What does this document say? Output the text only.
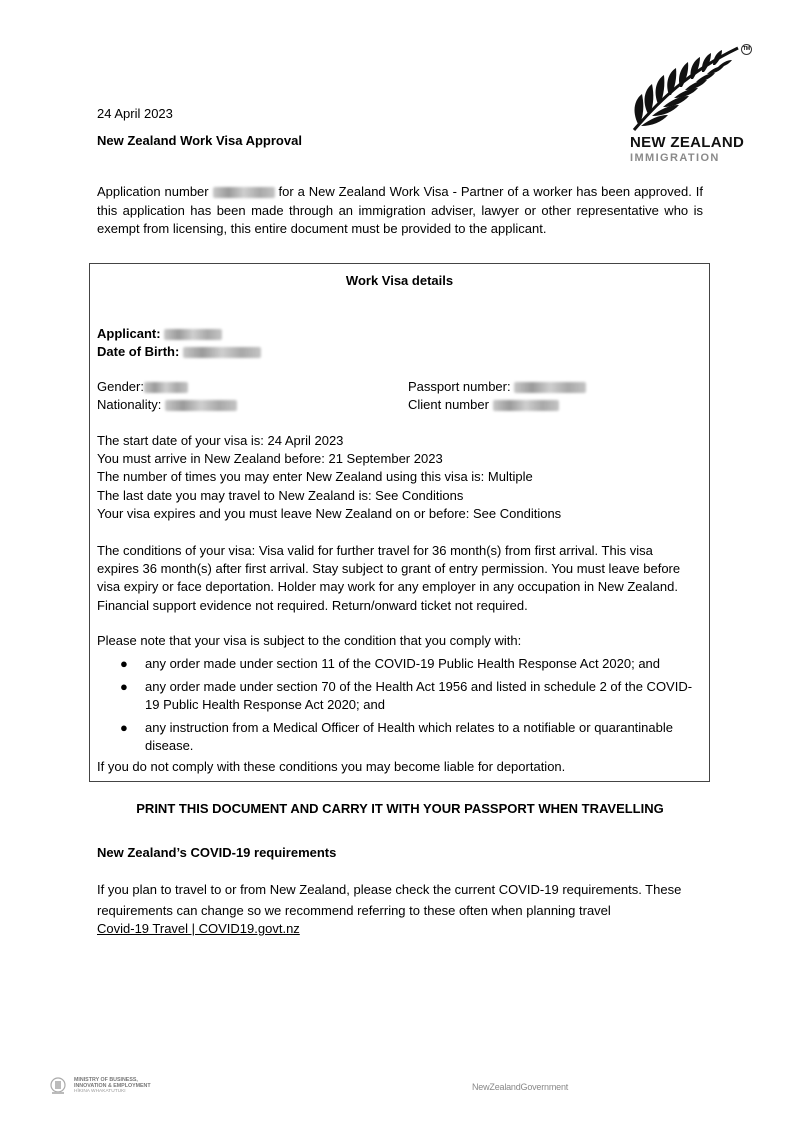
24 April 2023
New Zealand Work Visa Approval
TM
NEW ZEALAND
IMMIGRATION
Application number	for a New Zealand Work Visa - Partner of a worker has been approved. If this application has been made through an immigration adviser, lawyer or other representative who is exempt from licensing, this entire document must be provided to the applicant.
Work Visa details
Applicant:
Date of Birth:
Gender:
Nationality:
Passport number:
Client number
The start date of your visa is: 24 April 2023
You must arrive in New Zealand before: 21 September 2023
The number of times you may enter New Zealand using this visa is: Multiple
The last date you may travel to New Zealand is: See Conditions
Your visa expires and you must leave New Zealand on or before: See Conditions
The conditions of your visa: Visa valid for further travel for 36 month(s) from first arrival. This visa expires 36 month(s) after first arrival. Stay subject to grant of entry permission. You must leave before visa expiry or face deportation. Holder may work for any employer in any occupation in New Zealand. Financial support evidence not required. Return/onward ticket not required.
Please note that your visa is subject to the condition that you comply with:
● any order made under section 11 of the COVID-19 Public Health Response Act 2020; and
● any order made under section 70 of the Health Act 1956 and listed in schedule 2 of the COVID-19 Public Health Response Act 2020; and
● any instruction from a Medical Officer of Health which relates to a notifiable or quarantinable disease.
If you do not comply with these conditions you may become liable for deportation.
PRINT THIS DOCUMENT AND CARRY IT WITH YOUR PASSPORT WHEN TRAVELLING
New Zealand’s COVID-19 requirements
If you plan to travel to or from New Zealand, please check the current COVID-19 requirements. These requirements can change so we recommend referring to these often when planning travel
Covid-19 Travel | COVID19.govt.nz
MINISTRY OF BUSINESS,
INNOVATION & EMPLOYMENT
HĪKINA WHAKATUTUKI	NewZealandGovernment
